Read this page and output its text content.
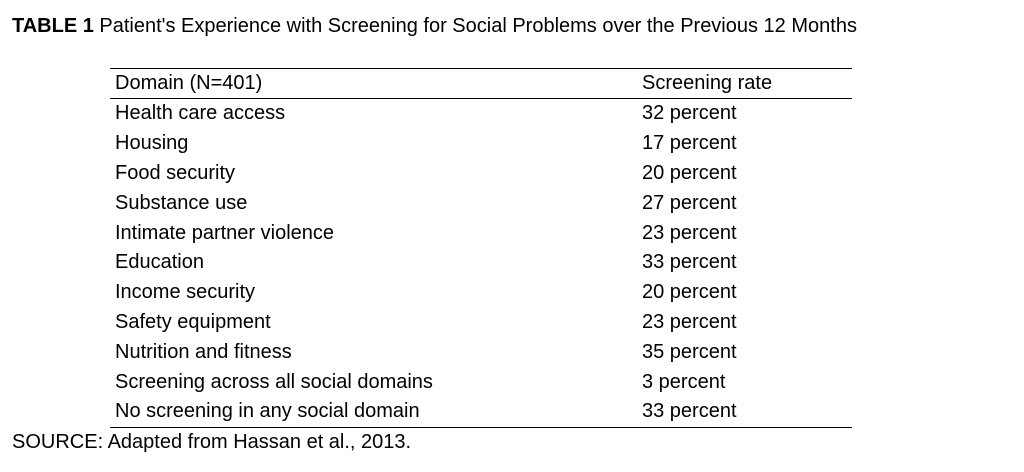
TABLE 1 Patient's Experience with Screening for Social Problems over the Previous 12 Months
Domain (N=401)	Screening rate
Health care access	32 percent
Housing	17 percent
Food security	20 percent
Substance use	27 percent
Intimate partner violence	23 percent
Education	33 percent
Income security	20 percent
Safety equipment	23 percent
Nutrition and fitness	35 percent
Screening across all social domains	3 percent
No screening in any social domain	33 percent
SOURCE: Adapted from Hassan et al., 2013.
